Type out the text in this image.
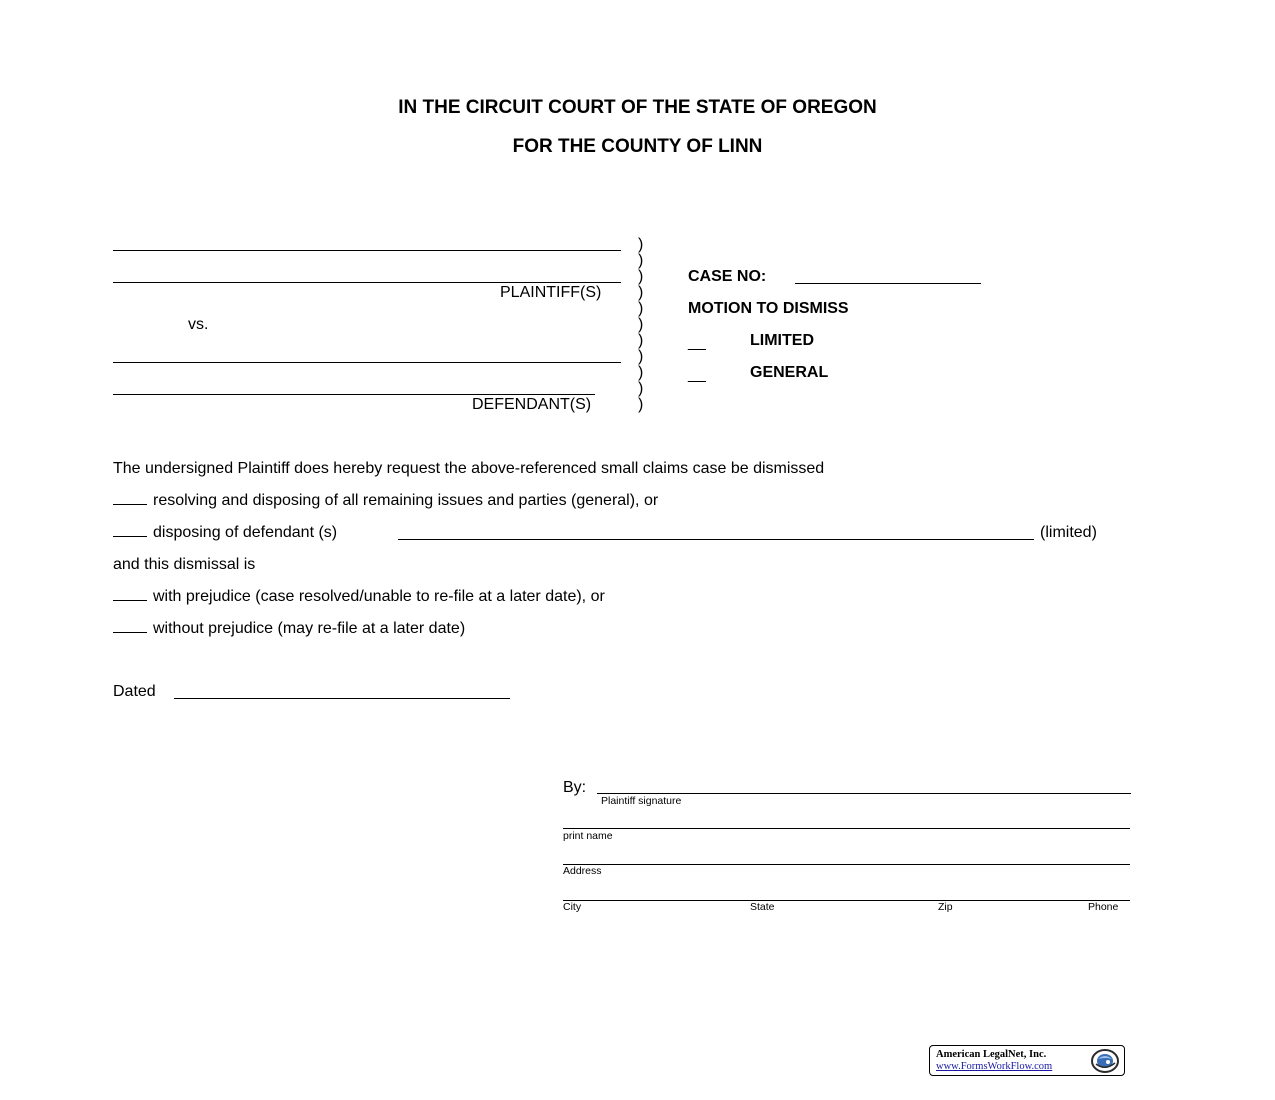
IN THE CIRCUIT COURT OF THE STATE OF OREGON
FOR THE COUNTY OF LINN
PLAINTIFF(S)
vs.
DEFENDANT(S)
)
)
)
)
)
)
)
)
)
)
)
CASE NO:
MOTION TO DISMISS
__	LIMITED
__	GENERAL
The undersigned Plaintiff does hereby request the above-referenced small claims case be dismissed
resolving and disposing of all remaining issues and parties (general), or
disposing of defendant (s)	(limited)
and this dismissal is
with prejudice (case resolved/unable to re-file at a later date), or
without prejudice (may re-file at a later date)
Dated
By:
Plaintiff signature
print name
Address
City	State	Zip	Phone
American LegalNet, Inc.
www.FormsWorkFlow.com
